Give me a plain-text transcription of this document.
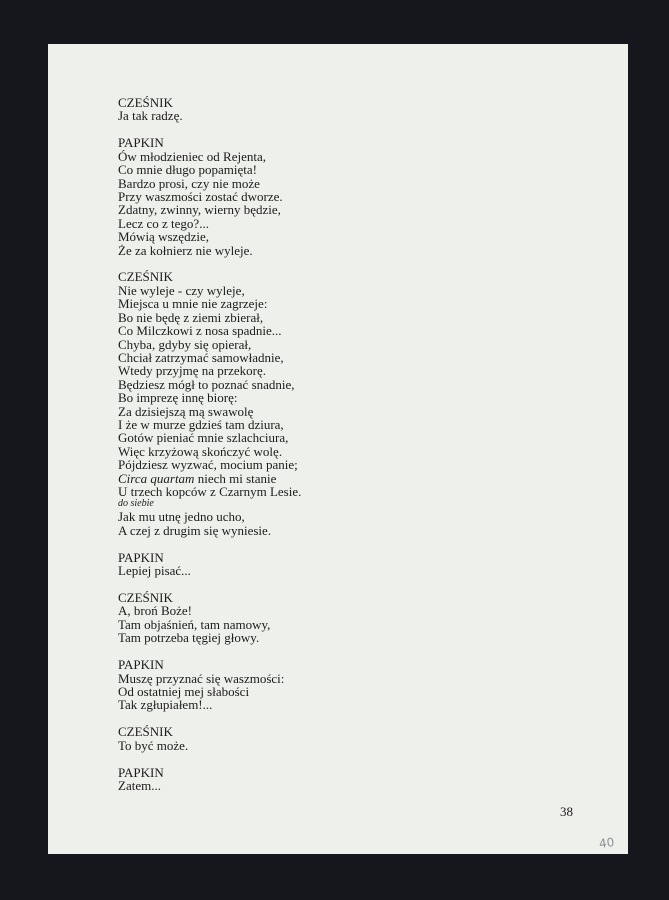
CZEŚNIK
Ja tak radzę.
PAPKIN
Ów młodzieniec od Rejenta,
Co mnie długo popamięta!
Bardzo prosi, czy nie może
Przy waszmości zostać dworze.
Zdatny, zwinny, wierny będzie,
Lecz co z tego?...
Mówią wszędzie,
Że za kołnierz nie wyleje.
CZEŚNIK
Nie wyleje - czy wyleje,
Miejsca u mnie nie zagrzeje:
Bo nie będę z ziemi zbierał,
Co Milczkowi z nosa spadnie...
Chyba, gdyby się opierał,
Chciał zatrzymać samowładnie,
Wtedy przyjmę na przekorę.
Będziesz mógł to poznać snadnie,
Bo imprezę innę biorę:
Za dzisiejszą mą swawolę
I że w murze gdzieś tam dziura,
Gotów pieniać mnie szlachciura,
Więc krzyżową skończyć wolę.
Pójdziesz wyzwać, mocium panie;
Circa quartam niech mi stanie
U trzech kopców z Czarnym Lesie.
do siebie
Jak mu utnę jedno ucho,
A czej z drugim się wyniesie.
PAPKIN
Lepiej pisać...
CZEŚNIK
A, broń Boże!
Tam objaśnień, tam namowy,
Tam potrzeba tęgiej głowy.
PAPKIN
Muszę przyznać się waszmości:
Od ostatniej mej słabości
Tak zgłupiałem!...
CZEŚNIK
To być może.
PAPKIN
Zatem...
38
40
